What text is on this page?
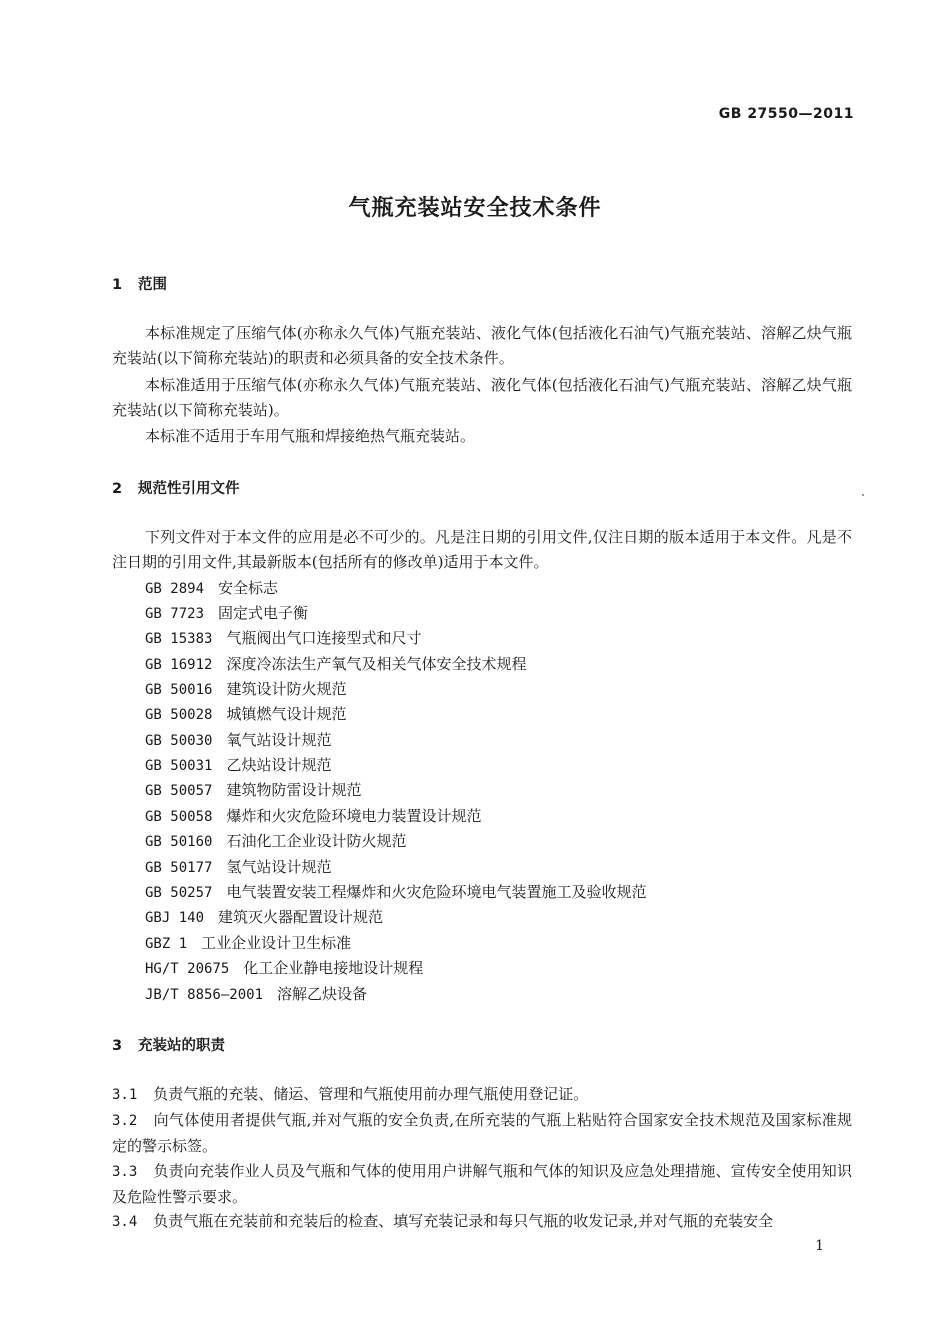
GB 27550—2011
气瓶充装站安全技术条件
1 范围

本标准规定了压缩气体(亦称永久气体)气瓶充装站、液化气体(包括液化石油气)气瓶充装站、溶解乙炔气瓶充装站(以下简称充装站)的职责和必须具备的安全技术条件。

本标准适用于压缩气体(亦称永久气体)气瓶充装站、液化气体(包括液化石油气)气瓶充装站、溶解乙炔气瓶充装站(以下简称充装站)。

本标准不适用于车用气瓶和焊接绝热气瓶充装站。

2 规范性引用文件

下列文件对于本文件的应用是必不可少的。凡是注日期的引用文件,仅注日期的版本适用于本文件。凡是不注日期的引用文件,其最新版本(包括所有的修改单)适用于本文件。

GB 2894 安全标志
GB 7723 固定式电子衡
GB 15383 气瓶阀出气口连接型式和尺寸
GB 16912 深度冷冻法生产氧气及相关气体安全技术规程
GB 50016 建筑设计防火规范
GB 50028 城镇燃气设计规范
GB 50030 氧气站设计规范
GB 50031 乙炔站设计规范
GB 50057 建筑物防雷设计规范
GB 50058 爆炸和火灾危险环境电力装置设计规范
GB 50160 石油化工企业设计防火规范
GB 50177 氢气站设计规范
GB 50257 电气装置安装工程爆炸和火灾危险环境电气装置施工及验收规范
GBJ 140 建筑灭火器配置设计规范
GBZ 1 工业企业设计卫生标准
HG/T 20675 化工企业静电接地设计规程
JB/T 8856—2001 溶解乙炔设备
3 充装站的职责

3.1 负责气瓶的充装、储运、管理和气瓶使用前办理气瓶使用登记证。

3.2 向气体使用者提供气瓶,并对气瓶的安全负责,在所充装的气瓶上粘贴符合国家安全技术规范及国家标准规定的警示标签。

3.3 负责向充装作业人员及气瓶和气体的使用用户讲解气瓶和气体的知识及应急处理措施、宣传安全使用知识及危险性警示要求。

3.4 负责气瓶在充装前和充装后的检查、填写充装记录和每只气瓶的收发记录,并对气瓶的充装安全

1
